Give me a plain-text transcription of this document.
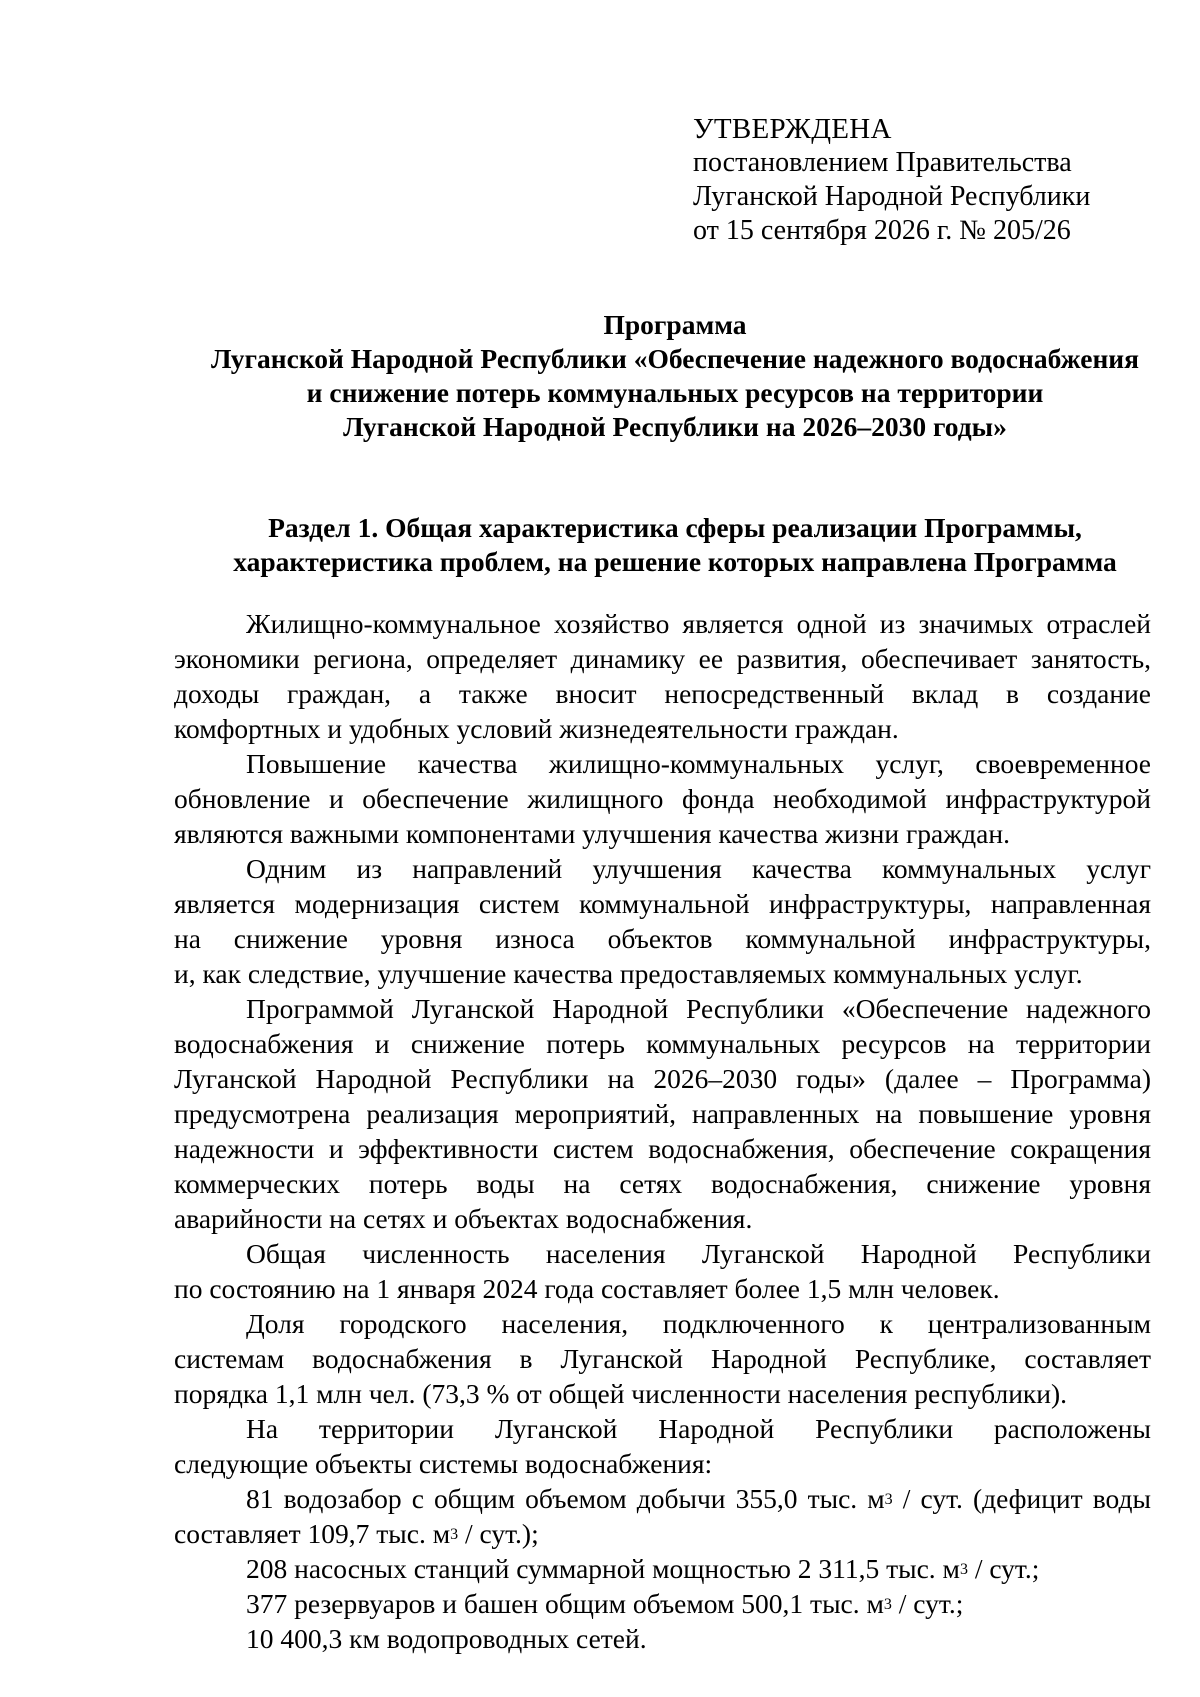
УТВЕРЖДЕНА
постановлением Правительства
Луганской Народной Республики
от 15 сентября 2026 г. № 205/26
Программа
Луганской Народной Республики «Обеспечение надежного водоснабжения
и снижение потерь коммунальных ресурсов на территории
Луганской Народной Республики на 2026–2030 годы»
Раздел 1. Общая характеристика сферы реализации Программы,
характеристика проблем, на решение которых направлена Программа
Жилищно-коммунальное хозяйство является одной из значимых отраслей
экономики региона, определяет динамику ее развития, обеспечивает занятость,
доходы граждан, а также вносит непосредственный вклад в создание
комфортных и удобных условий жизнедеятельности граждан.
Повышение качества жилищно-коммунальных услуг, своевременное
обновление и обеспечение жилищного фонда необходимой инфраструктурой
являются важными компонентами улучшения качества жизни граждан.
Одним из направлений улучшения качества коммунальных услуг
является модернизация систем коммунальной инфраструктуры, направленная
на снижение уровня износа объектов коммунальной инфраструктуры,
и, как следствие, улучшение качества предоставляемых коммунальных услуг.
Программой Луганской Народной Республики «Обеспечение надежного
водоснабжения и снижение потерь коммунальных ресурсов на территории
Луганской Народной Республики на 2026–2030 годы» (далее – Программа)
предусмотрена реализация мероприятий, направленных на повышение уровня
надежности и эффективности систем водоснабжения, обеспечение сокращения
коммерческих потерь воды на сетях водоснабжения, снижение уровня
аварийности на сетях и объектах водоснабжения.
Общая численность населения Луганской Народной Республики
по состоянию на 1 января 2024 года составляет более 1,5 млн человек.
Доля городского населения, подключенного к централизованным
системам водоснабжения в Луганской Народной Республике, составляет
порядка 1,1 млн чел. (73,3 % от общей численности населения республики).
На территории Луганской Народной Республики расположены
следующие объекты системы водоснабжения:
81 водозабор с общим объемом добычи 355,0 тыс. $м^3$ / сут. (дефицит воды
составляет 109,7 тыс. $м^3 / сут$.);
208 насосных станций суммарной мощностью 2 311,5 тыс. $м^3$ / сут.;
377 резервуаров и башен общим объемом 500,1 тыс. $м^3$ / сут.;
10 400,3 км водопроводных сетей.
